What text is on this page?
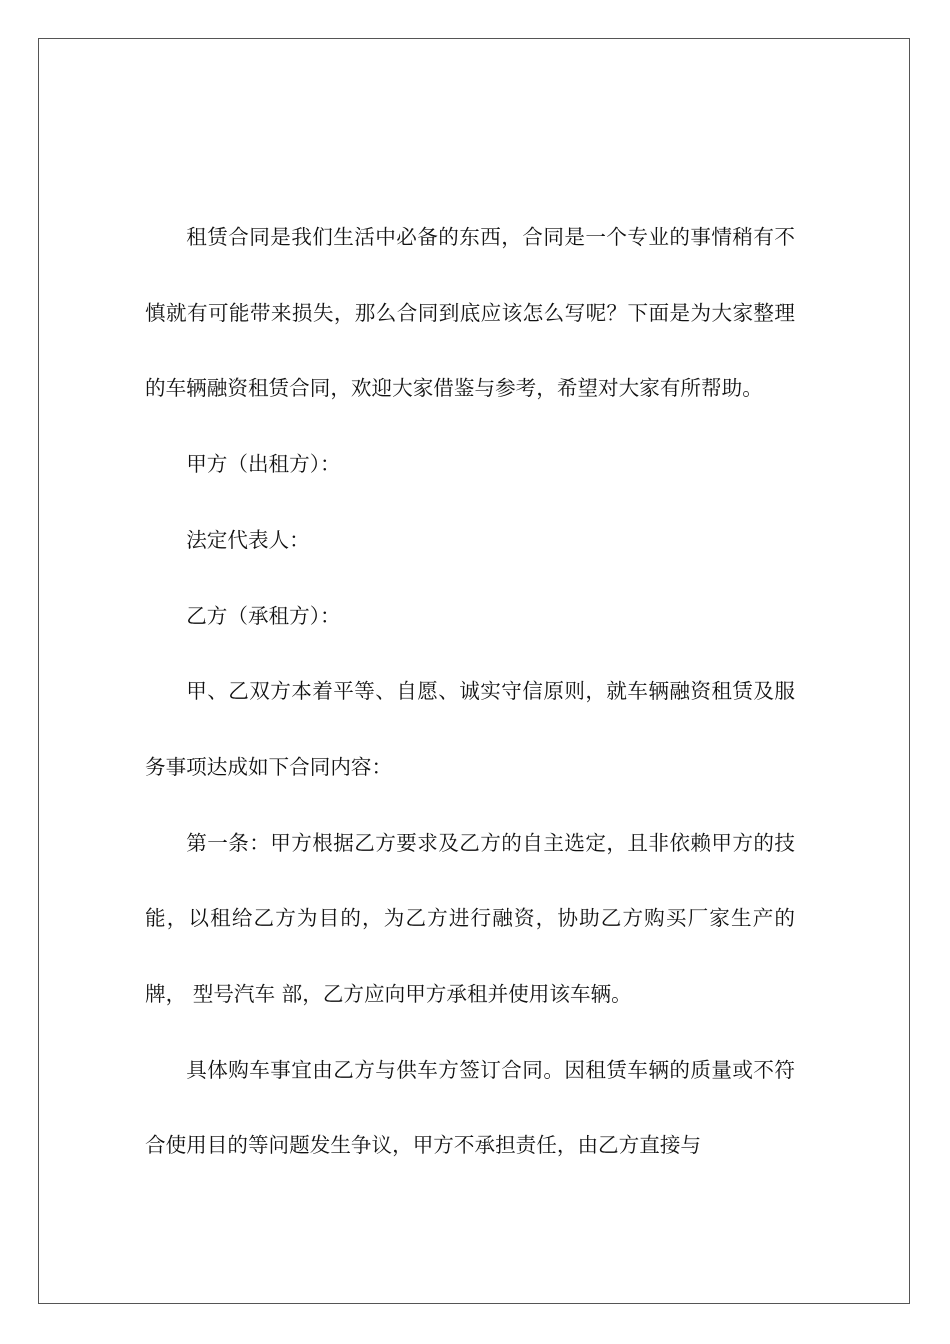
租赁合同是我们生活中必备的东西，合同是一个专业的事情稍有不慎就有可能带来损失，那么合同到底应该怎么写呢？下面是为大家整理的车辆融资租赁合同，欢迎大家借鉴与参考，希望对大家有所帮助。

甲方（出租方）：

法定代表人：

乙方（承租方）：

甲、乙双方本着平等、自愿、诚实守信原则，就车辆融资租赁及服务事项达成如下合同内容：

第一条：甲方根据乙方要求及乙方的自主选定，且非依赖甲方的技能，以租给乙方为目的，为乙方进行融资，协助乙方购买厂家生产的 牌， 型号汽车 部，乙方应向甲方承租并使用该车辆。

具体购车事宜由乙方与供车方签订合同。因租赁车辆的质量或不符合使用目的等问题发生争议，甲方不承担责任，由乙方直接与
